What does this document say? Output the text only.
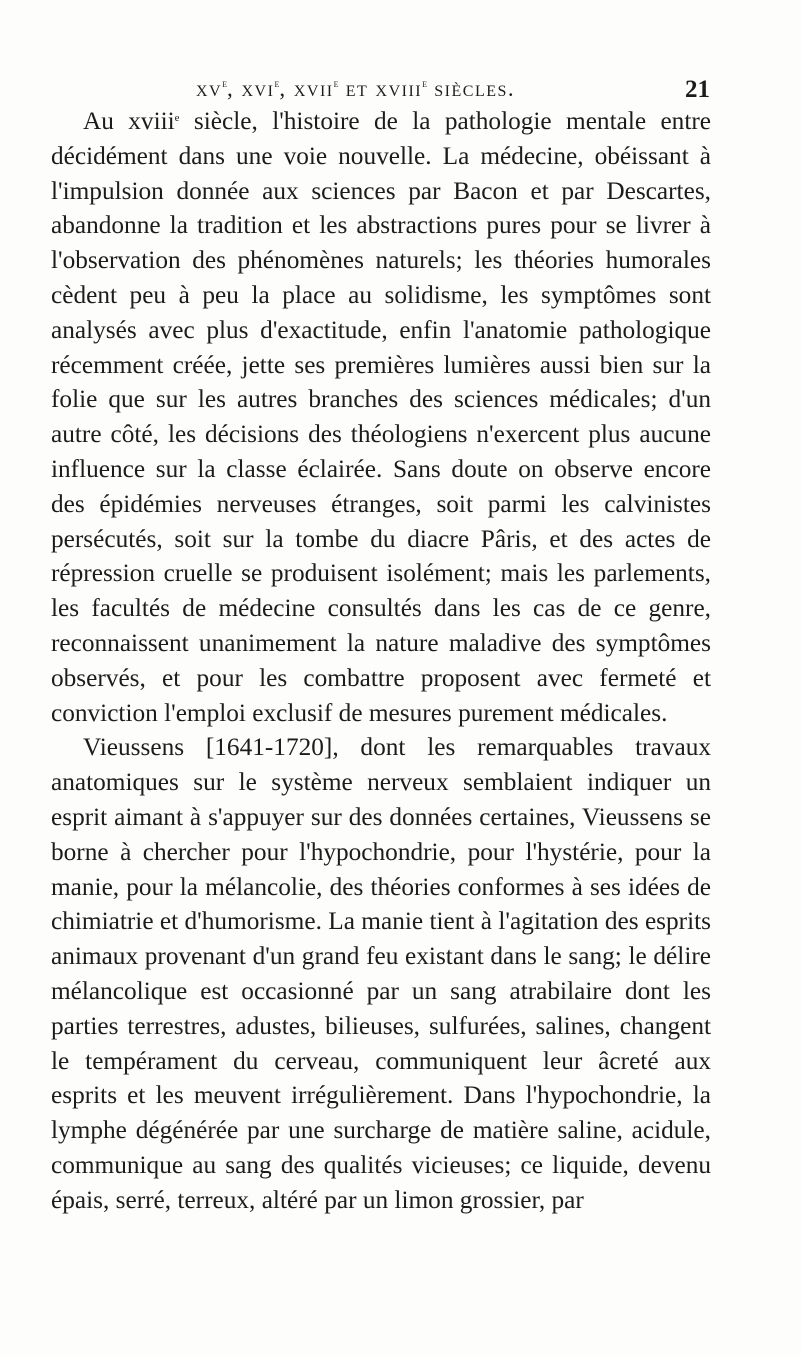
$xv^e$, xvi$^e$, xvii$^e$ et xviii$^e$ siècles.	21

Au xviii$^e$ siècle, l'histoire de la pathologie mentale entre décidément dans une voie nouvelle. La médecine, obéissant à l'impulsion donnée aux sciences par Bacon et par Descartes, abandonne la tradition et les abstractions pures pour se livrer à l'observation des phénomènes naturels; les théories humorales cèdent peu à peu la place au solidisme, les symptômes sont analysés avec plus d'exactitude, enfin l'anatomie pathologique récemment créée, jette ses premières lumières aussi bien sur la folie que sur les autres branches des sciences médicales; d'un autre côté, les décisions des théologiens n'exercent plus aucune influence sur la classe éclairée. Sans doute on observe encore des épidémies nerveuses étranges, soit parmi les calvinistes persécutés, soit sur la tombe du diacre Pâris, et des actes de répression cruelle se produisent isolément; mais les parlements, les facultés de médecine consultés dans les cas de ce genre, reconnaissent unanimement la nature maladive des symptômes observés, et pour les combattre proposent avec fermeté et conviction l'emploi exclusif de mesures purement médicales.

Vieussens [1641-1720], dont les remarquables travaux anatomiques sur le système nerveux semblaient indiquer un esprit aimant à s'appuyer sur des données certaines, Vieussens se borne à chercher pour l'hypochondrie, pour l'hystérie, pour la manie, pour la mélancolie, des théories conformes à ses idées de chimiatrie et d'humorisme. La manie tient à l'agitation des esprits animaux provenant d'un grand feu existant dans le sang; le délire mélancolique est occasionné par un sang atrabilaire dont les parties terrestres, adustes, bilieuses, sulfurées, salines, changent le tempérament du cerveau, communiquent leur âcreté aux esprits et les meuvent irrégulièrement. Dans l'hypochondrie, la lymphe dégénérée par une surcharge de matière saline, acidule, communique au sang des qualités vicieuses; ce liquide, devenu épais, serré, terreux, altéré par un limon grossier, par
